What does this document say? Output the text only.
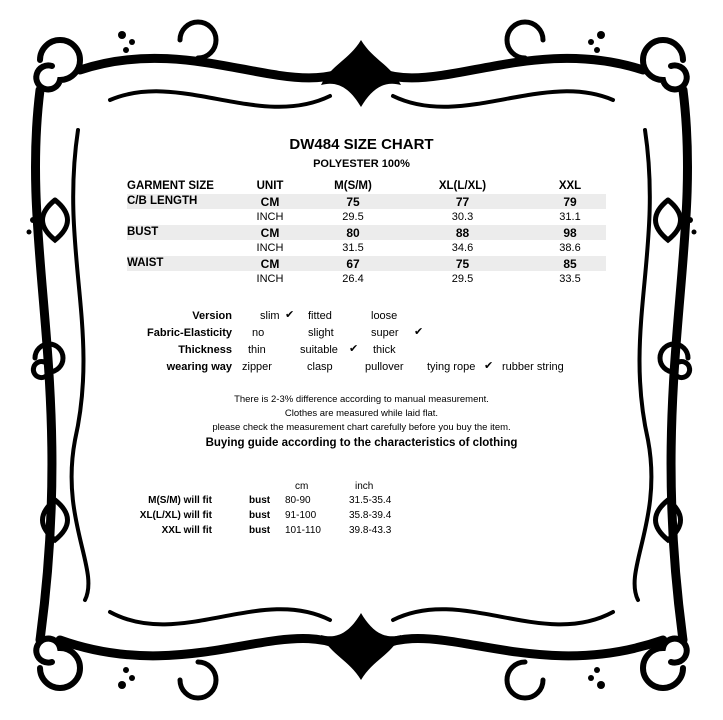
DW484 SIZE CHART
POLYESTER 100%
GARMENT SIZE	UNIT	M(S/M)	XL(L/XL)	XXL
C/B LENGTH	CM	75	77	79
INCH	29.5	30.3	31.1
BUST	CM	80	88	98
INCH	31.5	34.6	38.6
WAIST	CM	67	75	85
INCH	26.4	29.5	33.5
Version	slim ✔ fitted	loose
Fabric-Elasticity no	slight	super ✔
Thickness thin	suitable ✔ thick
wearing way zipper	clasp	pullover tying rope ✔ rubber string
There is 2-3% difference according to manual measurement.
Clothes are measured while laid flat.
please check the measurement chart carefully before you buy the item.
Buying guide according to the characteristics of clothing
cm	inch
M(S/M) will fit	bust 80-90	31.5-35.4
XL(L/XL) will fit	bust 91-100	35.8-39.4
XXL will fit	bust 101-110	39.8-43.3
